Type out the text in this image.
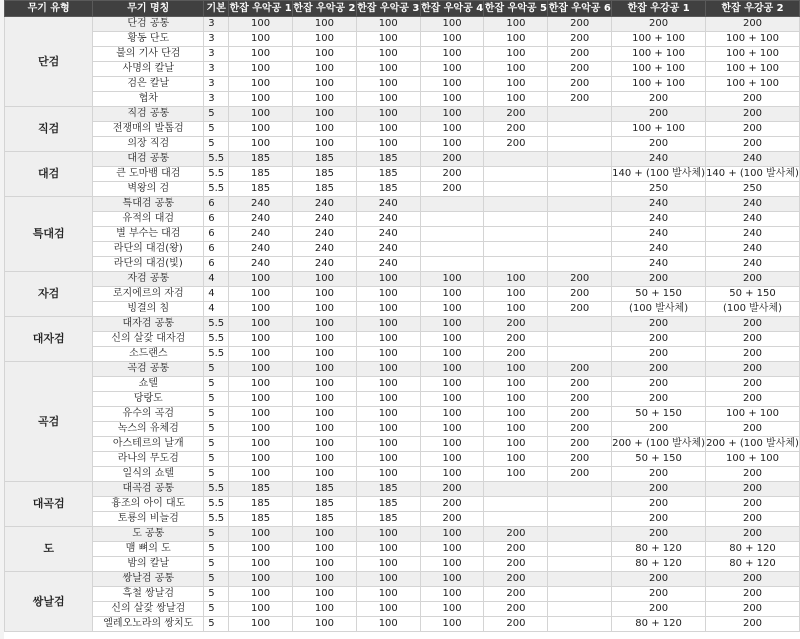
무기 유형	무기 명칭	기본	한잡 우악공 1	한잡 우악공 2	한잡 우악공 3	한잡 우악공 4	한잡 우악공 5	한잡 우악공 6	한잡 우강공 1	한잡 우강공 2
단검	단검 공통	3	100	100	100	100	100	200	200	200
	황동 단도	3	100	100	100	100	100	200	100 + 100	100 + 100
	불의 기사 단검	3	100	100	100	100	100	200	100 + 100	100 + 100
	사명의 칼날	3	100	100	100	100	100	200	100 + 100	100 + 100
	검은 칼날	3	100	100	100	100	100	200	100 + 100	100 + 100
	협차	3	100	100	100	100	100	200	200	200
직검	직검 공통	5	100	100	100	100	200		200	200
	전쟁매의 발톱검	5	100	100	100	100	200		100 + 100	200
	의장 직검	5	100	100	100	100	200		200	200
대검	대검 공통	5.5	185	185	185	200			240	240
	큰 도마뱀 대검	5.5	185	185	185	200			140 + (100 발사체)	140 + (100 발사체)
	벽왕의 검	5.5	185	185	185	200			250	250
특대검	특대검 공통	6	240	240	240				240	240
	유적의 대검	6	240	240	240				240	240
	별 부수는 대검	6	240	240	240				240	240
	라단의 대검(왕)	6	240	240	240				240	240
	라단의 대검(빛)	6	240	240	240				240	240
자검	자검 공통	4	100	100	100	100	100	200	200	200
	로지에르의 자검	4	100	100	100	100	100	200	50 + 150	50 + 150
	빙결의 침	4	100	100	100	100	100	200	(100 발사체)	(100 발사체)
대자검	대자검 공통	5.5	100	100	100	100	200		200	200
	신의 살갗 대자검	5.5	100	100	100	100	200		200	200
	소드랜스	5.5	100	100	100	100	200		200	200
곡검	곡검 공통	5	100	100	100	100	100	200	200	200
	쇼텔	5	100	100	100	100	100	200	200	200
	당랑도	5	100	100	100	100	100	200	200	200
	유수의 곡검	5	100	100	100	100	100	200	50 + 150	100 + 100
	녹스의 유체검	5	100	100	100	100	100	200	200	200
	아스테르의 날개	5	100	100	100	100	100	200	200 + (100 발사체)	200 + (100 발사체)
	라나의 무도검	5	100	100	100	100	100	200	50 + 150	100 + 100
	일식의 쇼텔	5	100	100	100	100	100	200	200	200
대곡검	대곡검 공통	5.5	185	185	185	200			200	200
	흉조의 아이 대도	5.5	185	185	185	200			200	200
	토룡의 비늘검	5.5	185	185	185	200			200	200
도	도 공통	5	100	100	100	100	200		200	200
	맴 뼈의 도	5	100	100	100	100	200		80 + 120	80 + 120
	밤의 칼날	5	100	100	100	100	200		80 + 120	80 + 120
쌍날검	쌍날검 공통	5	100	100	100	100	200		200	200
	흑철 쌍날검	5	100	100	100	100	200		200	200
	신의 살갗 쌍날검	5	100	100	100	100	200		200	200
	엘레오노라의 쌍치도	5	100	100	100	100	200		80 + 120	200
